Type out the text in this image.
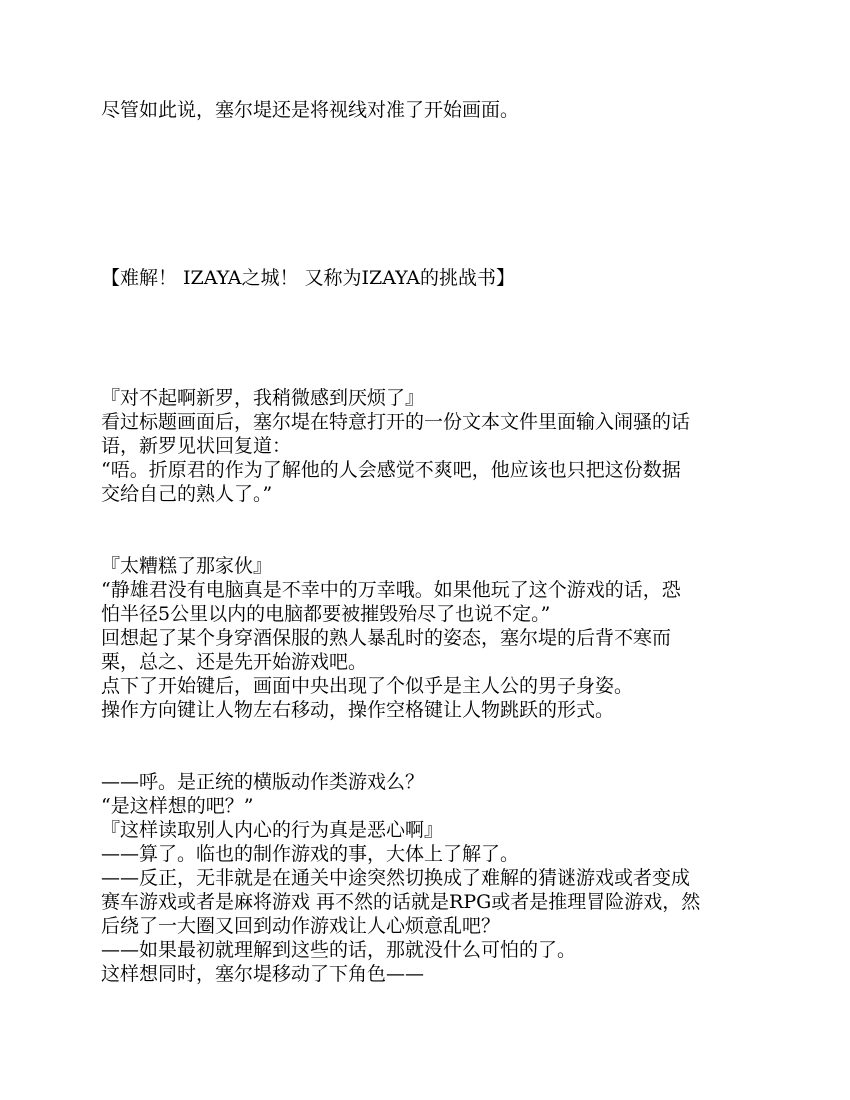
尽管如此说，塞尔堤还是将视线对准了开始画面。
【难解！ IZAYA之城！ 又称为IZAYA的挑战书】
『对不起啊新罗，我稍微感到厌烦了』
看过标题画面后，塞尔堤在特意打开的一份文本文件里面输入闹骚的话
语，新罗见状回复道：
“唔。折原君的作为了解他的人会感觉不爽吧，他应该也只把这份数据
交给自己的熟人了。”
『太糟糕了那家伙』
“静雄君没有电脑真是不幸中的万幸哦。如果他玩了这个游戏的话，恐
怕半径5公里以内的电脑都要被摧毁殆尽了也说不定。”
回想起了某个身穿酒保服的熟人暴乱时的姿态，塞尔堤的后背不寒而
栗，总之、还是先开始游戏吧。
点下了开始键后，画面中央出现了个似乎是主人公的男子身姿。
操作方向键让人物左右移动，操作空格键让人物跳跃的形式。
——呼。是正统的横版动作类游戏么？
“是这样想的吧？”
『这样读取别人内心的行为真是恶心啊』
——算了。临也的制作游戏的事，大体上了解了。
——反正，无非就是在通关中途突然切换成了难解的猜谜游戏或者变成
赛车游戏或者是麻将游戏 再不然的话就是RPG或者是推理冒险游戏，然
后绕了一大圈又回到动作游戏让人心烦意乱吧？
——如果最初就理解到这些的话，那就没什么可怕的了。
这样想同时，塞尔堤移动了下角色——
